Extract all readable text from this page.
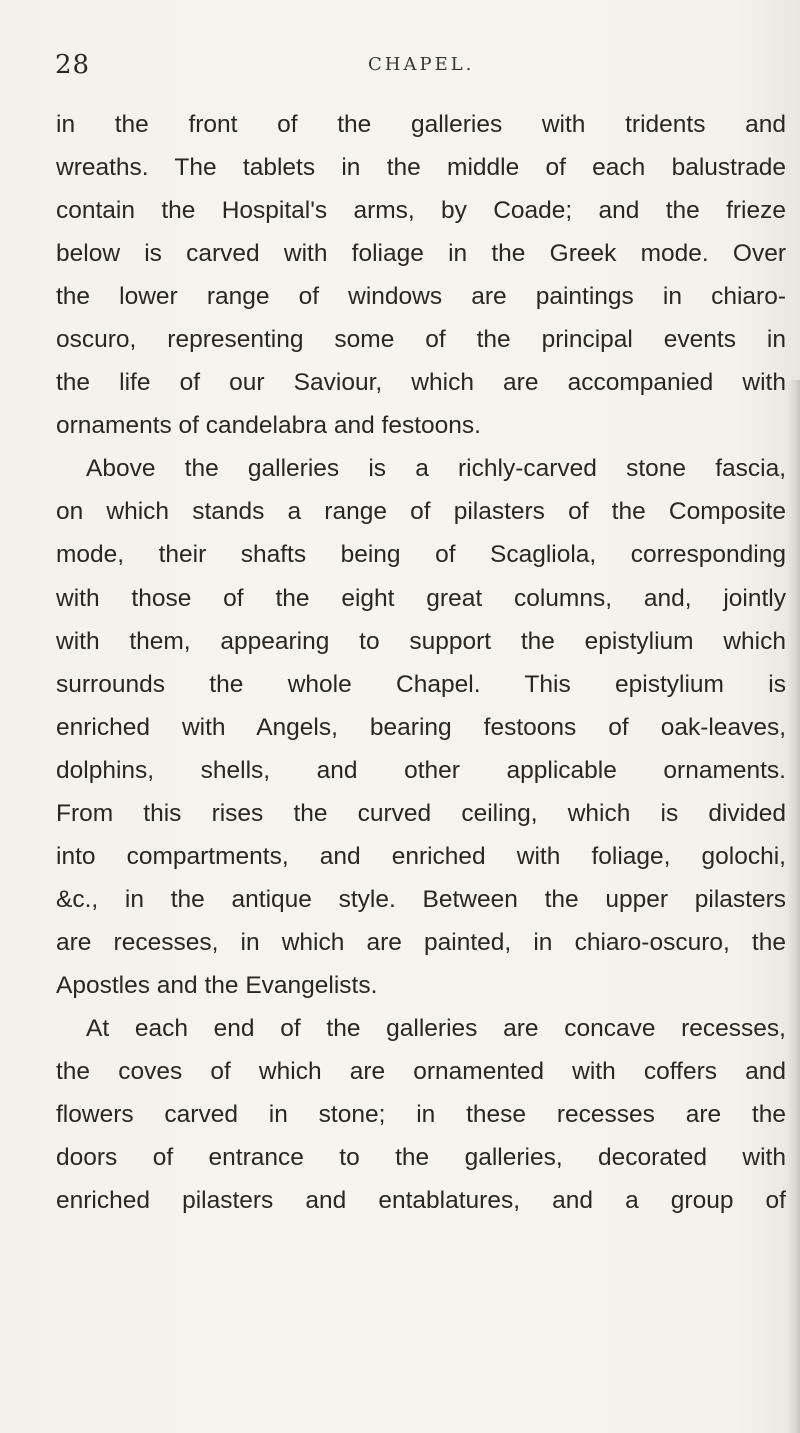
28	CHAPEL.

in the front of the galleries with tridents and

wreaths. The tablets in the middle of each balustrade

contain the Hospital's arms, by Coade; and the frieze

below is carved with foliage in the Greek mode. Over

the lower range of windows are paintings in chiaro-

oscuro, representing some of the principal events in

the life of our Saviour, which are accompanied with

ornaments of candelabra and festoons.

Above the galleries is a richly-carved stone fascia,

on which stands a range of pilasters of the Composite

mode, their shafts being of Scagliola, corresponding

with those of the eight great columns, and, jointly

with them, appearing to support the epistylium which

surrounds the whole Chapel. This epistylium is

enriched with Angels, bearing festoons of oak-leaves,

dolphins, shells, and other applicable ornaments.

From this rises the curved ceiling, which is divided

into compartments, and enriched with foliage, golochi,

&c., in the antique style. Between the upper pilasters

are recesses, in which are painted, in chiaro-oscuro, the

Apostles and the Evangelists.

At each end of the galleries are concave recesses,

the coves of which are ornamented with coffers and

flowers carved in stone; in these recesses are the

doors of entrance to the galleries, decorated with

enriched pilasters and entablatures, and a group of
